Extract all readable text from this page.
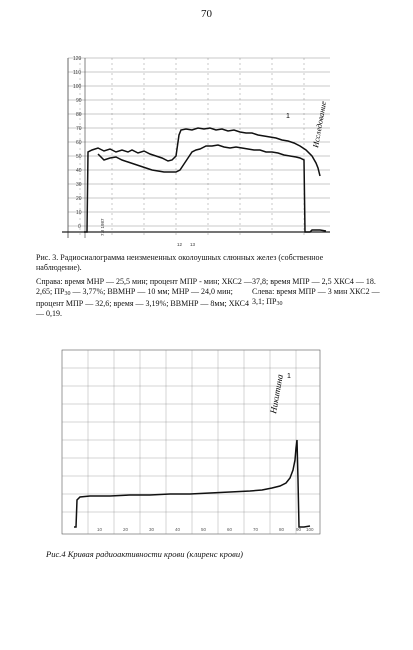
70
120
110
100
90
80
70
60
50
40
30
20
10
0	7.8 1987
12 13
1	Исследование
Рис. 3. Радиосиалограмма неизмененных околоушных слюнных желез (собственное наблюдение).
Справа: время МНР — 25,5 мин; процент МПР - мин; ХКС2 — 2,65; $ПР_{30}$ — 3,77%; ВВМНР — 10 мм; МНР — 24,0 мин; процент МПР — 32,6; время — 3,19%; ВВМНР — 8мм; ХКС4 — 0,19.
37,8; время МПР — 2,5 ХКС4 — 18. Слева: время МПР — 3 мин ХКС2 — 3,1; $ПР_{30}$
10	20	30	40	50	60	70	80	90 100
1
Никитина
Рис.4 Кривая радиоактивности крови (клиренс крови)
